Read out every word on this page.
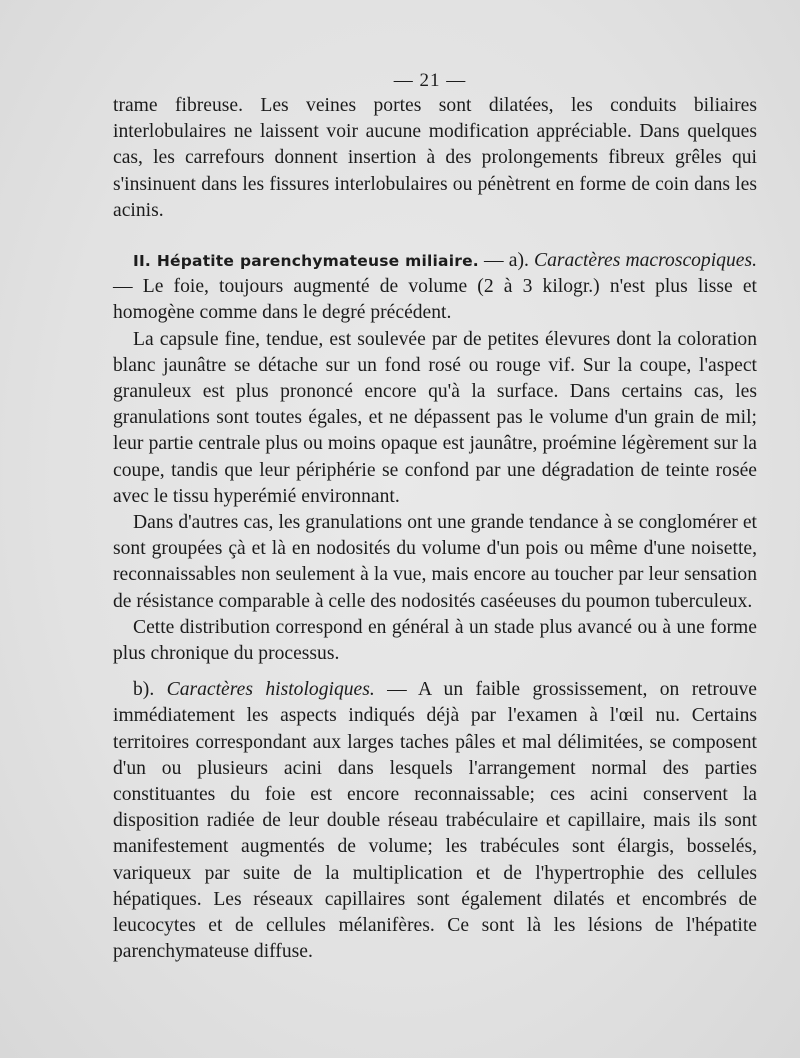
— 21 —

trame fibreuse. Les veines portes sont dilatées, les conduits biliaires interlobulaires ne laissent voir aucune modification appréciable. Dans quelques cas, les carrefours donnent insertion à des prolongements fibreux grêles qui s'insinuent dans les fissures interlobulaires ou pénètrent en forme de coin dans les acinis.

II. Hépatite parenchymateuse miliaire. — a). Caractères macroscopiques. — Le foie, toujours augmenté de volume (2 à 3 kilogr.) n'est plus lisse et homogène comme dans le degré précédent.

La capsule fine, tendue, est soulevée par de petites élevures dont la coloration blanc jaunâtre se détache sur un fond rosé ou rouge vif. Sur la coupe, l'aspect granuleux est plus prononcé encore qu'à la surface. Dans certains cas, les granulations sont toutes égales, et ne dépassent pas le volume d'un grain de mil; leur partie centrale plus ou moins opaque est jaunâtre, proémine légèrement sur la coupe, tandis que leur périphérie se confond par une dégradation de teinte rosée avec le tissu hyperémié environnant.

Dans d'autres cas, les granulations ont une grande tendance à se conglomérer et sont groupées çà et là en nodosités du volume d'un pois ou même d'une noisette, reconnaissables non seulement à la vue, mais encore au toucher par leur sensation de résistance comparable à celle des nodosités caséeuses du poumon tuberculeux.

Cette distribution correspond en général à un stade plus avancé ou à une forme plus chronique du processus.

b). Caractères histologiques. — A un faible grossissement, on retrouve immédiatement les aspects indiqués déjà par l'examen à l'œil nu. Certains territoires correspondant aux larges taches pâles et mal délimitées, se composent d'un ou plusieurs acini dans lesquels l'arrangement normal des parties constituantes du foie est encore reconnaissable; ces acini conservent la disposition radiée de leur double réseau trabéculaire et capillaire, mais ils sont manifestement augmentés de volume; les trabécules sont élargis, bosselés, variqueux par suite de la multiplication et de l'hypertrophie des cellules hépatiques. Les réseaux capillaires sont également dilatés et encombrés de leucocytes et de cellules mélanifères. Ce sont là les lésions de l'hépatite parenchymateuse diffuse.
